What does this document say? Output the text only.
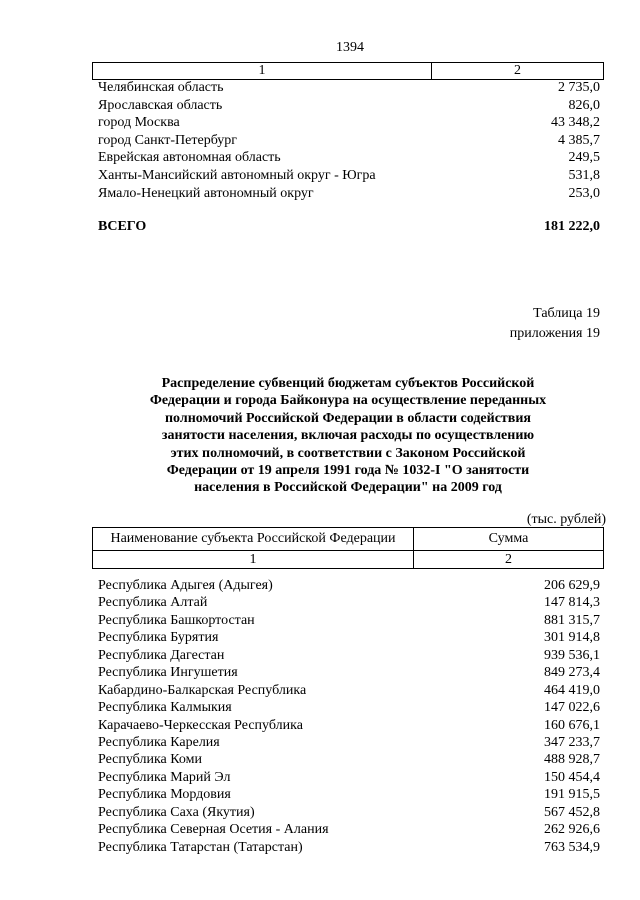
1394
1	2
Челябинская область	2 735,0
Ярославская область	826,0
город Москва	43 348,2
город Санкт-Петербург	4 385,7
Еврейская автономная область	249,5
Ханты-Мансийский автономный округ - Югра	531,8
Ямало-Ненецкий автономный округ	253,0
ВСЕГО	181 222,0
Таблица 19
приложения 19
Распределение субвенций бюджетам субъектов Российской
Федерации и города Байконура на осуществление переданных
полномочий Российской Федерации в области содействия
занятости населения, включая расходы по осуществлению
этих полномочий, в соответствии с Законом Российской
Федерации от 19 апреля 1991 года № 1032-I "О занятости
населения в Российской Федерации" на 2009 год
(тыс. рублей)
Наименование субъекта Российской Федерации	Сумма
1	2
Республика Адыгея (Адыгея)	206 629,9
Республика Алтай	147 814,3
Республика Башкортостан	881 315,7
Республика Бурятия	301 914,8
Республика Дагестан	939 536,1
Республика Ингушетия	849 273,4
Кабардино-Балкарская Республика	464 419,0
Республика Калмыкия	147 022,6
Карачаево-Черкесская Республика	160 676,1
Республика Карелия	347 233,7
Республика Коми	488 928,7
Республика Марий Эл	150 454,4
Республика Мордовия	191 915,5
Республика Саха (Якутия)	567 452,8
Республика Северная Осетия - Алания	262 926,6
Республика Татарстан (Татарстан)	763 534,9
